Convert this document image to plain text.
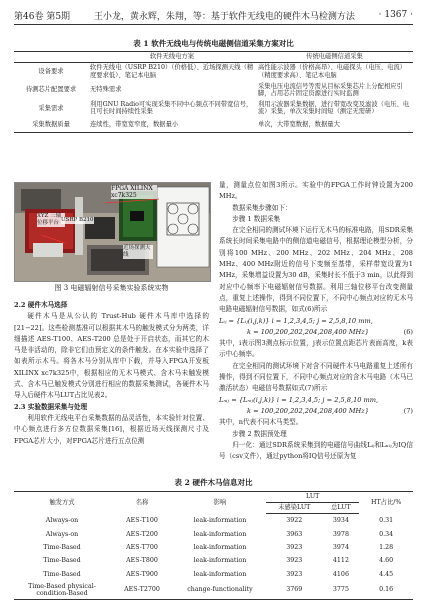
第46卷 第5期	王小龙，黄永辉，朱翔，等：基于软件无线电的硬件木马检测方法	· 1367 ·
表 1 软件无线电与传统电磁侧信道采集方案对比
	软件无线电方案	传统电磁侧信道采集
设备要求	软件无线电（USRP B210）（价格低）、近场探测天线（精度要求低）、笔记本电脑	高性能示波器（价格高昂）、电磁探头（电压、电流）（精度要求高）、笔记本电脑
待测芯片配置要求	无特殊需求	采集电压电流信号等需从目标采集芯片上分配相应引脚，占用芯片固定资源进行实时监测
采集需求	利用GNU Radio可实现采集不同中心频点不同带宽信号，且可长时间持续性采集	利用示波器采集数据，进行带宽改变及滤波（电压、电流）采集，单次采集时间短（测定无需研）
采集数据质量	连续性，带宽宽窄度，数据量小	单次，大带宽数据，数据量大
FPGA XILINX xc7k325
XYZ 三轴位移平台 USRP B210
近场探测天线
图 3 电磁辐射信号采集实验系统实物

2.2 硬件木马选择

硬件木马是从公认的 Trust-Hub 硬件木马库中选择的[21−22]。这些检测基准可以根据其木马的触发模式分为两类，详细描述 AES-T100、AES-T200 总是处于开启状态，而其它的木马是非活动的，除非它们由预定义的条件触发。在本实验中选择了如表所示木马。将各木马分别从库中下载，并导入FPGA开发板XILINX xc7k325中，根据相应的无木马模式、含木马未触发模式、含木马已触发模式分别进行相应的数据采集测试，各硬件木马导入后硬件木马LUT占比见表2。

2.3 实验数据采集与处理

利用软件无线电平台采集数据的品灵活性，本实验针对位置、中心频点进行多方位数据采集[16]，根据近场天线探测尺寸及FPGA芯片大小，对FPGA芯片进行五点位测

量，测量点位如图3所示。实验中的FPGA工作时钟设置为200 MHz。

数据采集步骤如下：

步骤 1 数据采集

在完全相同的测试环境下运行无木马的标准电路，用SDR采集系统长时间采集电路中的侧信道电磁信号，根据理论模型分析，分别将100 MHz、200 MHz、202 MHz、204 MHz、208 MHz、400 MHz附近的信号下变频至基带，采样带宽设置为1 MHz，采集增益设置为30 dB，采集时长不低于3 min，以此得到对应中心频率下电磁辐射信号数据。利用三轴位移平台改变测量点，重复上述操作，得到不同位置下，不同中心频点对应的无木马电路电磁辐射信号数据，如式(6)所示

Lᵢⱼ = {Lᵢⱼ(i,j,k)} i = 1,2,3,4,5; j = 2,5,8,10 mm,
k = 100,200,202,204,208,400 MHz}	(6)

其中，i表示图3测点标示位置，j表示位置点距芯片表面高度，k表示中心频率。

在完全相同的测试环境下对含不同硬件木马电路重复上述所有操作，得到不同位置下，不同中心频点对应的含木马电路（木马已激活状态）电磁信号数据如式(7)所示

Lₙᵢⱼ = {Lₙᵢⱼ(i,j,k)} i = 1,2,3,4,5; j = 2,5,8,10 mm,
k = 100,200,202,204,208,400 MHz}	(7)

其中，n代表不同木马类型。

步骤 2 数据预处理

归一化：通过SDR系统采集到的电磁信号曲线Lᵢⱼ和Lₙᵢⱼ为IQ信号（csv文件），通过python将IQ信号还原为复

表 2 硬件木马信息对比
触发方式	名称	影响	LUT		HT占比/%
			未感染LUT	总LUT	
Always-on	AES-T100	leak-information	3922	3934	0.31
Always-on	AES-T200	leak-information	3963	3978	0.34
Time-Based	AES-T700	leak-information	3923	3974	1.28
Time-Based	AES-T800	leak-information	3923	4112	4.60
Time-Based	AES-T900	leak-information	3923	4106	4.45
Time-Based physical-condition-Based	AES-T2700	change-functionality	3769	3775	0.16
